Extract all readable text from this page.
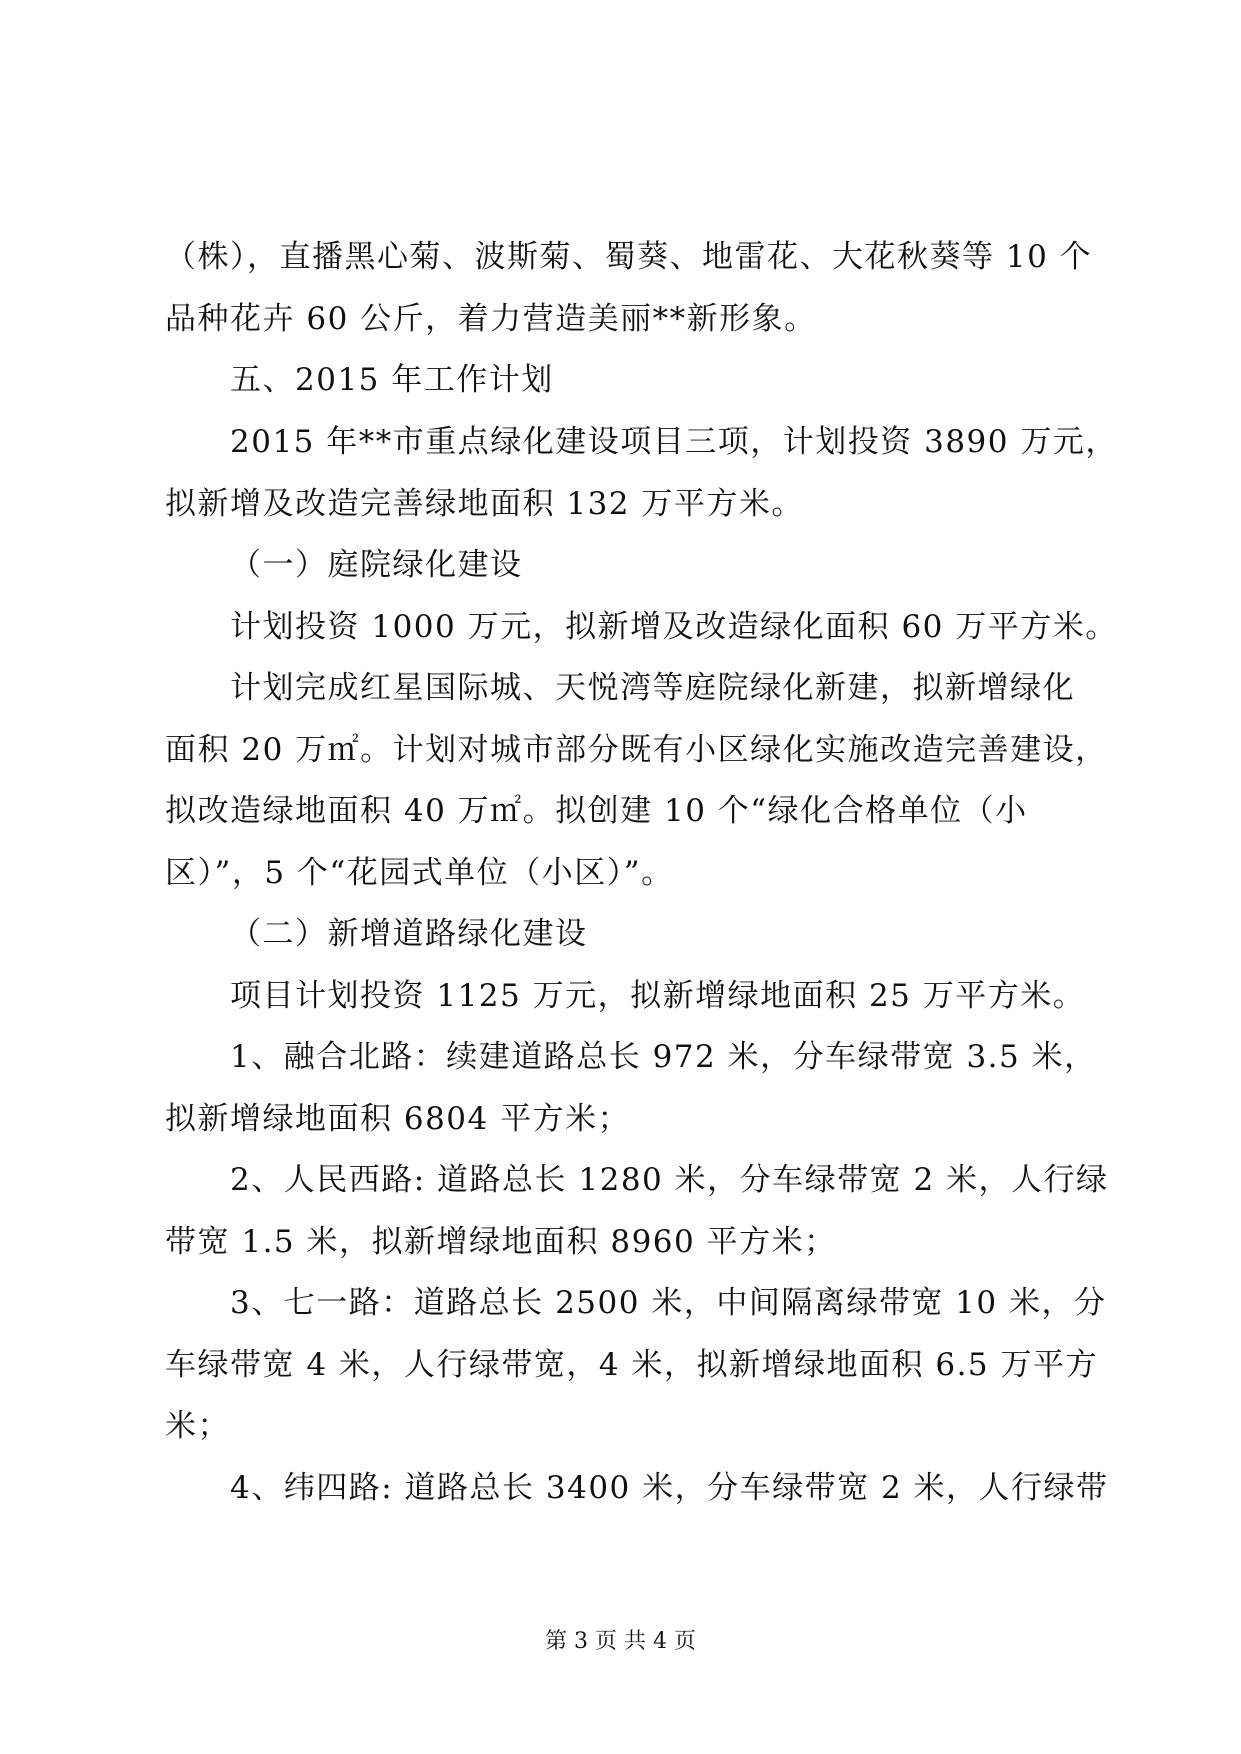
（株），直播黑心菊、波斯菊、蜀葵、地雷花、大花秋葵等 10 个
品种花卉 60 公斤，着力营造美丽**新形象。
五、2015 年工作计划
2015 年**市重点绿化建设项目三项，计划投资 3890 万元，
拟新增及改造完善绿地面积 132 万平方米。
（一）庭院绿化建设
计划投资 1000 万元，拟新增及改造绿化面积 60 万平方米。
计划完成红星国际城、天悦湾等庭院绿化新建，拟新增绿化
面积 20 万㎡。计划对城市部分既有小区绿化实施改造完善建设，
拟改造绿地面积 40 万㎡。拟创建 10 个“绿化合格单位（小
区）”，5 个“花园式单位（小区）”。
（二）新增道路绿化建设
项目计划投资 1125 万元，拟新增绿地面积 25 万平方米。
1、融合北路：续建道路总长 972 米，分车绿带宽 3.5 米，
拟新增绿地面积 6804 平方米；
2、人民西路: 道路总长 1280 米，分车绿带宽 2 米，人行绿
带宽 1.5 米，拟新增绿地面积 8960 平方米；
3、七一路：道路总长 2500 米，中间隔离绿带宽 10 米，分
车绿带宽 4 米，人行绿带宽，4 米，拟新增绿地面积 6.5 万平方
米；
4、纬四路: 道路总长 3400 米，分车绿带宽 2 米，人行绿带
第 3 页 共 4 页
